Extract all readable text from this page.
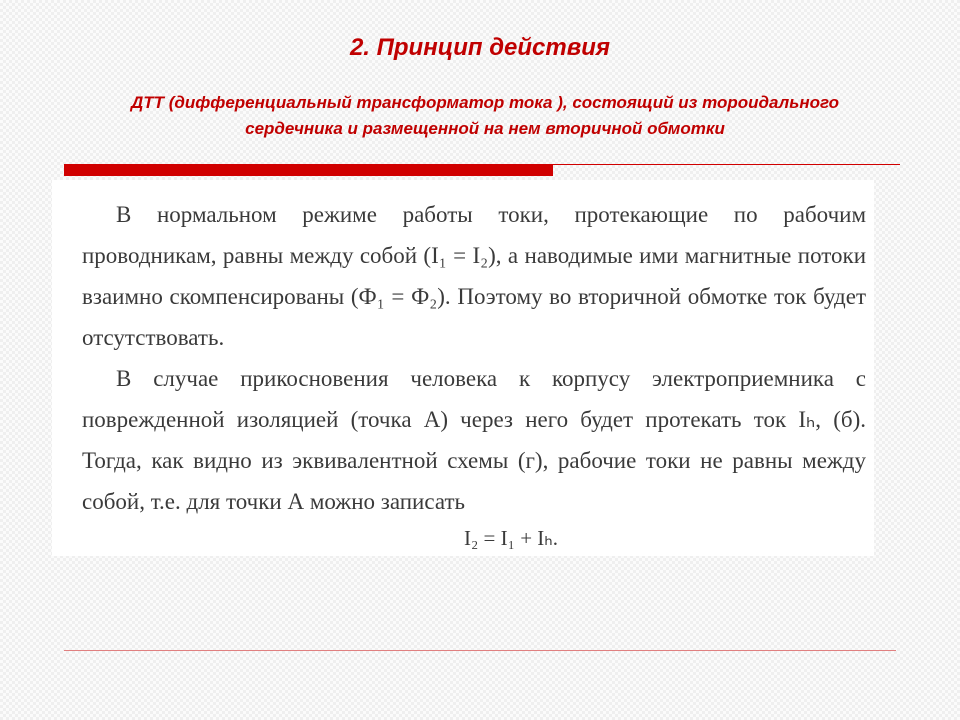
2. Принцип действия
ДТТ (дифференциальный трансформатор тока ), состоящий из тороидального
сердечника и размещенной на нем вторичной обмотки

В нормальном режиме работы токи, протекающие по рабочим проводникам, равны между собой (I₁ = I₂), а наводимые ими магнитные потоки взаимно скомпенсированы (Ф₁ = Ф₂). Поэтому во вторичной обмотке ток будет отсутствовать.

В случае прикосновения человека к корпусу электроприемника с поврежденной изоляцией (точка А) через него будет протекать ток Iₕ, (б). Тогда, как видно из эквивалентной схемы (г), рабочие токи не равны между собой, т.е. для точки А можно записать

I₂ = I₁ + Iₕ.
